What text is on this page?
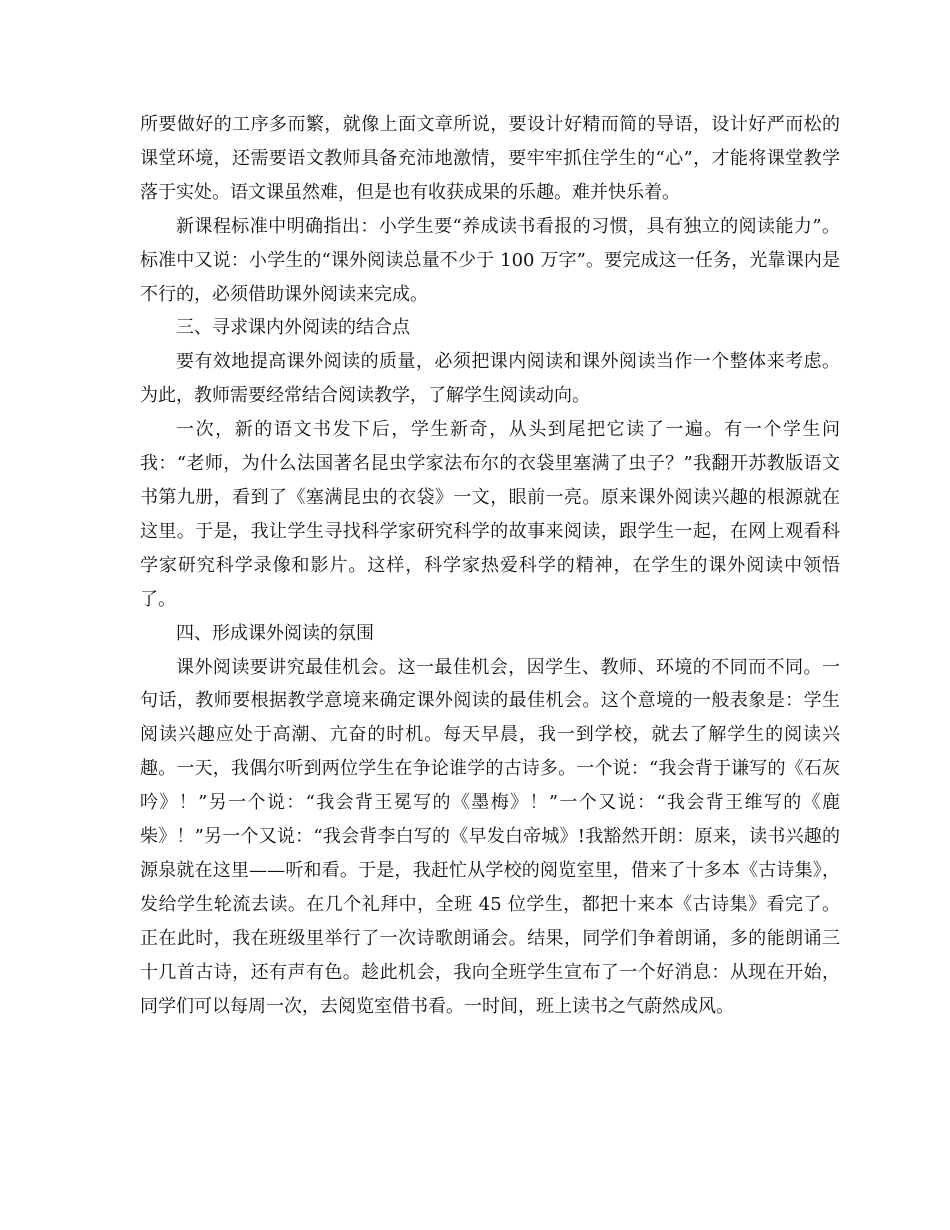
所要做好的工序多而繁，就像上面文章所说，要设计好精而简的导语，设计好严而松的课堂环境，还需要语文教师具备充沛地激情，要牢牢抓住学生的“心”，才能将课堂教学落于实处。语文课虽然难，但是也有收获成果的乐趣。难并快乐着。

新课程标准中明确指出：小学生要“养成读书看报的习惯，具有独立的阅读能力”。标准中又说：小学生的“课外阅读总量不少于 100 万字”。要完成这一任务，光靠课内是不行的，必须借助课外阅读来完成。

三、寻求课内外阅读的结合点

要有效地提高课外阅读的质量，必须把课内阅读和课外阅读当作一个整体来考虑。为此，教师需要经常结合阅读教学，了解学生阅读动向。

一次，新的语文书发下后，学生新奇，从头到尾把它读了一遍。有一个学生问我：“老师，为什么法国著名昆虫学家法布尔的衣袋里塞满了虫子？”我翻开苏教版语文书第九册，看到了《塞满昆虫的衣袋》一文，眼前一亮。原来课外阅读兴趣的根源就在这里。于是，我让学生寻找科学家研究科学的故事来阅读，跟学生一起，在网上观看科学家研究科学录像和影片。这样，科学家热爱科学的精神，在学生的课外阅读中领悟了。

四、形成课外阅读的氛围

课外阅读要讲究最佳机会。这一最佳机会，因学生、教师、环境的不同而不同。一句话，教师要根据教学意境来确定课外阅读的最佳机会。这个意境的一般表象是：学生阅读兴趣应处于高潮、亢奋的时机。每天早晨，我一到学校，就去了解学生的阅读兴趣。一天，我偶尔听到两位学生在争论谁学的古诗多。一个说：“我会背于谦写的《石灰吟》！”另一个说：“我会背王冕写的《墨梅》！”一个又说：“我会背王维写的《鹿柴》！”另一个又说：“我会背李白写的《早发白帝城》!我豁然开朗：原来，读书兴趣的源泉就在这里——听和看。于是，我赶忙从学校的阅览室里，借来了十多本《古诗集》，发给学生轮流去读。在几个礼拜中，全班 45 位学生，都把十来本《古诗集》看完了。正在此时，我在班级里举行了一次诗歌朗诵会。结果，同学们争着朗诵，多的能朗诵三十几首古诗，还有声有色。趁此机会，我向全班学生宣布了一个好消息：从现在开始，同学们可以每周一次，去阅览室借书看。一时间，班上读书之气蔚然成风。
